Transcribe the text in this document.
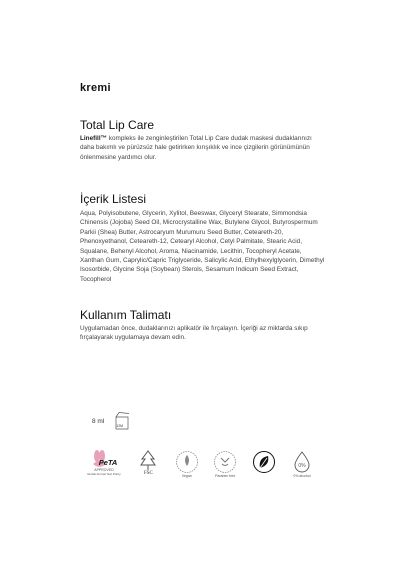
kremi
Total Lip Care

Linefill™ kompleks ile zenginleştirilen Total Lip Care dudak maskesi dudaklarınızı daha bakımlı ve pürüzsüz hale getirirken kırışıklık ve ince çizgilerin görünümünün önlenmesine yardımcı olur.

İçerik Listesi

Aqua, Polyisobutene, Glycerin, Xylitol, Beeswax, Glyceryl Stearate, Simmondsia Chinensis (Jojoba) Seed Oil, Microcrystalline Wax, Butylene Glycol, Butyrospermum Parkii (Shea) Butter, Astrocaryum Murumuru Seed Butter, Ceteareth-20, Phenoxyethanol, Ceteareth-12, Cetearyl Alcohol, Cetyl Palmitate, Stearic Acid, Squalane, Behenyl Alcohol, Aroma, Niacinamide, Lecithin, Tocopheryl Acetate, Xanthan Gum, Caprylic/Capric Triglyceride, Salicylic Acid, Ethylhexylglycerin, Dimethyl Isosorbide, Glycine Soja (Soybean) Sterols, Sesamum Indicum Seed Extract, Tocopherol

Kullanım Talimatı

Uygulamadan önce, dudaklarınızı aplikatör ile fırçalayın. İçeriği az miktarda sıkıp fırçalayarak uygulamaya devam edin.

8 ml
12M
PeTA
APPROVED
Global Animal Test Policy	FSC	Vegan	Paraben free
0%
0% alcohol
